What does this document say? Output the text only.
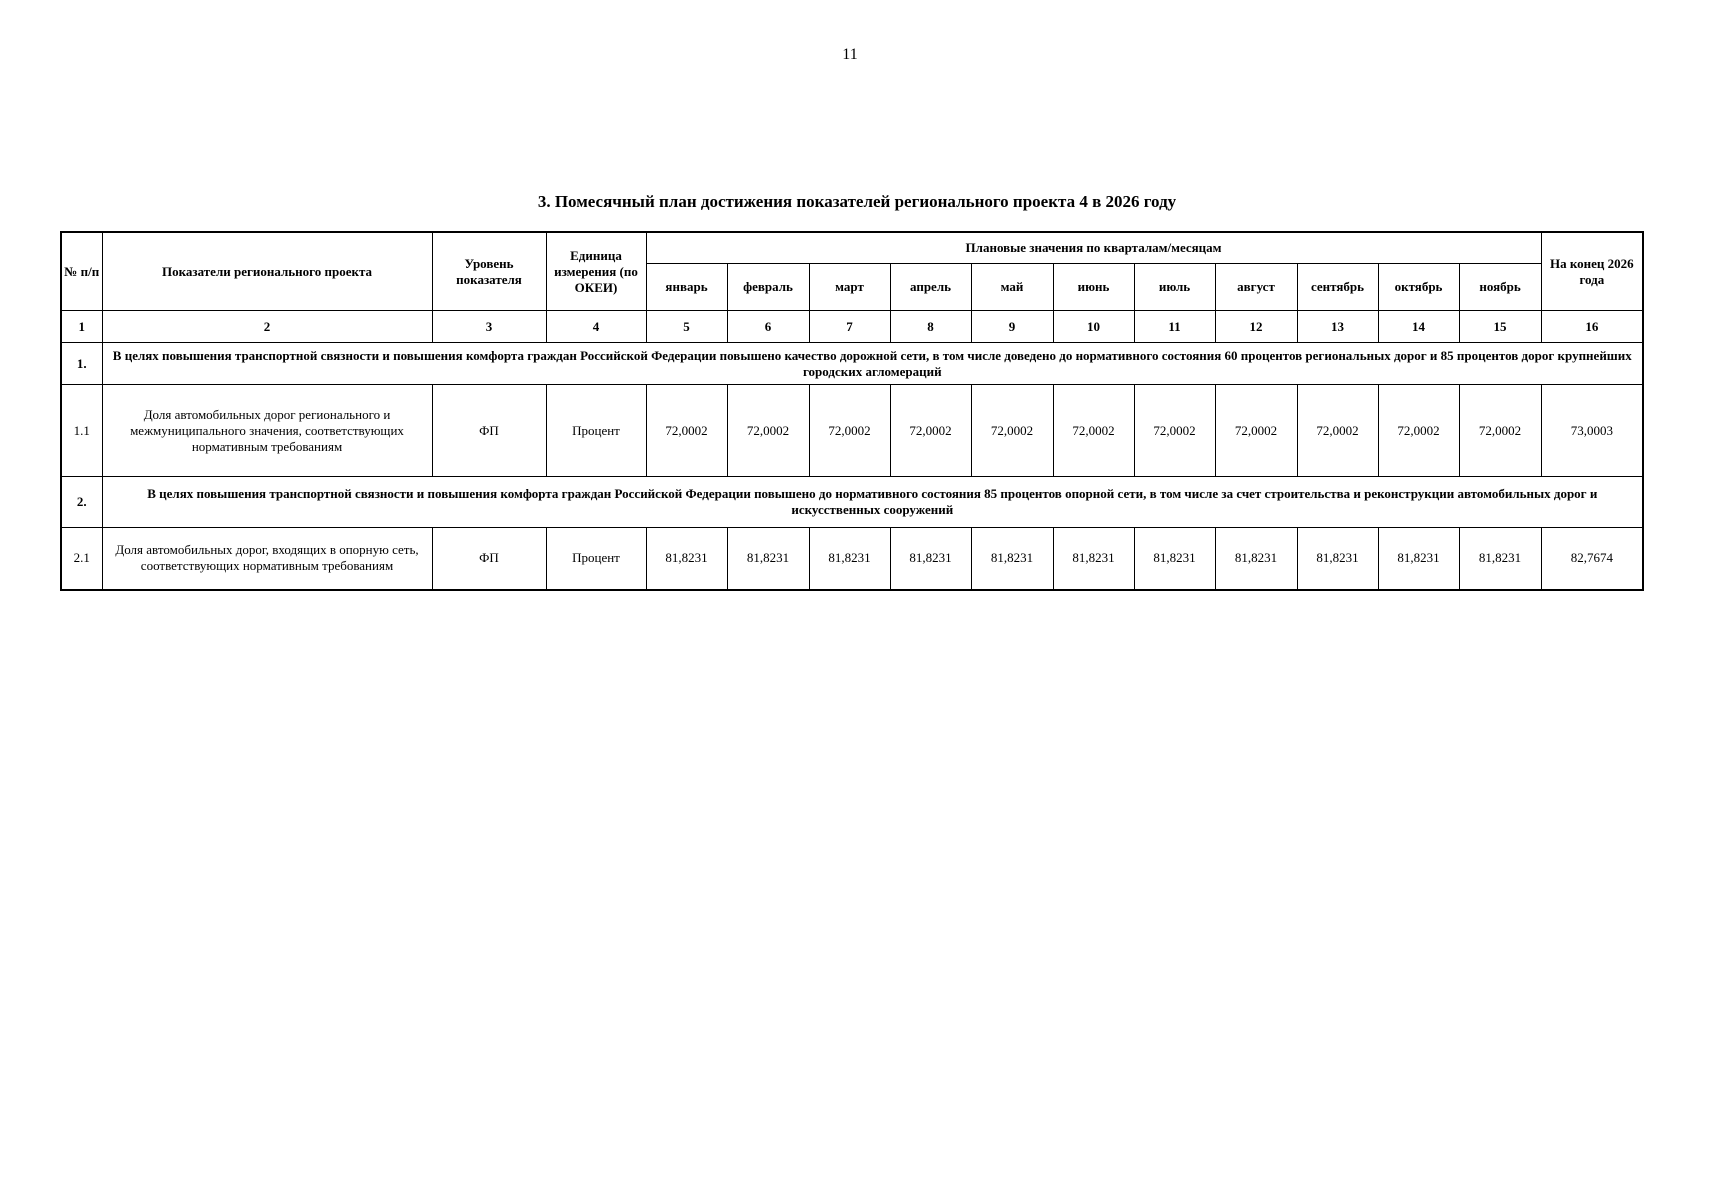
11
3. Помесячный план достижения показателей регионального проекта 4 в 2026 году
№ п/п	Показатели регионального проекта	Уровень показателя	Единица измерения (по ОКЕИ)	Плановые значения по кварталам/месяцам											На конец 2026 года
				январь	февраль	март	апрель	май	июнь	июль	август	сентябрь	октябрь	ноябрь	
1	2	3	4	5	6	7	8	9	10	11	12	13	14	15	16
1.	В целях повышения транспортной связности и повышения комфорта граждан Российской Федерации повышено качество дорожной сети, в том числе доведено до нормативного состояния 60 процентов региональных дорог и 85 процентов дорог крупнейших городских агломераций														
1.1	Доля автомобильных дорог регионального и межмуниципального значения, соответствующих нормативным требованиям	ФП	Процент	72,0002	72,0002	72,0002	72,0002	72,0002	72,0002	72,0002	72,0002	72,0002	72,0002	72,0002	73,0003
2.	В целях повышения транспортной связности и повышения комфорта граждан Российской Федерации повышено до нормативного состояния 85 процентов опорной сети, в том числе за счет строительства и реконструкции автомобильных дорог и искусственных сооружений														
2.1	Доля автомобильных дорог, входящих в опорную сеть, соответствующих нормативным требованиям	ФП	Процент	81,8231	81,8231	81,8231	81,8231	81,8231	81,8231	81,8231	81,8231	81,8231	81,8231	81,8231	82,7674
